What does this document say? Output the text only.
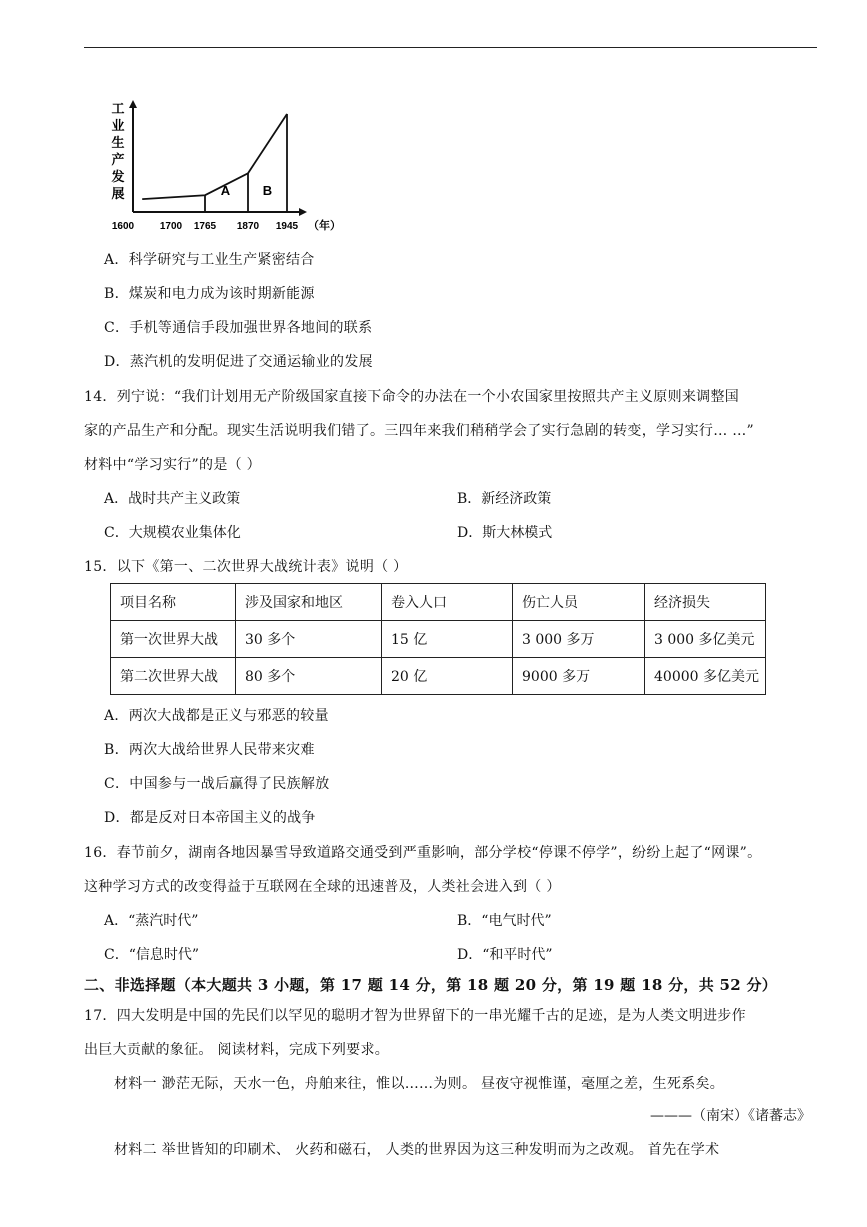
A	B
1600	1700 1765 1870 1945 （年）
工
业
生
产
发
展
A．科学研究与工业生产紧密结合
B．煤炭和电力成为该时期新能源
C．手机等通信手段加强世界各地间的联系
D．蒸汽机的发明促进了交通运输业的发展
14．列宁说：“我们计划用无产阶级国家直接下命令的办法在一个小农国家里按照共产主义原则来调整国
家的产品生产和分配。现实生活说明我们错了。三四年来我们稍稍学会了实行急剧的转变，学习实行… …”
材料中“学习实行”的是（ ）
A．战时共产主义政策	B．新经济政策
C．大规模农业集体化	D．斯大林模式
15．以下《第一、二次世界大战统计表》说明（ ）
项目名称	涉及国家和地区	卷入人口	伤亡人员	经济损失
第一次世界大战	30 多个	15 亿	3 000 多万	3 000 多亿美元
第二次世界大战	80 多个	20 亿	9000 多万	40000 多亿美元
A．两次大战都是正义与邪恶的较量
B．两次大战给世界人民带来灾难
C．中国参与一战后赢得了民族解放
D．都是反对日本帝国主义的战争
16．春节前夕，湖南各地因暴雪导致道路交通受到严重影响，部分学校“停课不停学”，纷纷上起了“网课”。
这种学习方式的改变得益于互联网在全球的迅速普及，人类社会进入到（ ）
A．“蒸汽时代”	B．“电气时代”
C．“信息时代”	D．“和平时代”
二、非选择题（本大题共 3 小题，第 17 题 14 分，第 18 题 20 分，第 19 题 18 分，共 52 分）
17．四大发明是中国的先民们以罕见的聪明才智为世界留下的一串光耀千古的足迹，是为人类文明进步作
出巨大贡献的象征。 阅读材料，完成下列要求。
材料一 渺茫无际，天水一色，舟舶来往，惟以……为则。 昼夜守视惟谨，毫厘之差，生死系矣。
———（南宋）《诸蕃志》
材料二 举世皆知的印刷术、 火药和磁石， 人类的世界因为这三种发明而为之改观。 首先在学术
